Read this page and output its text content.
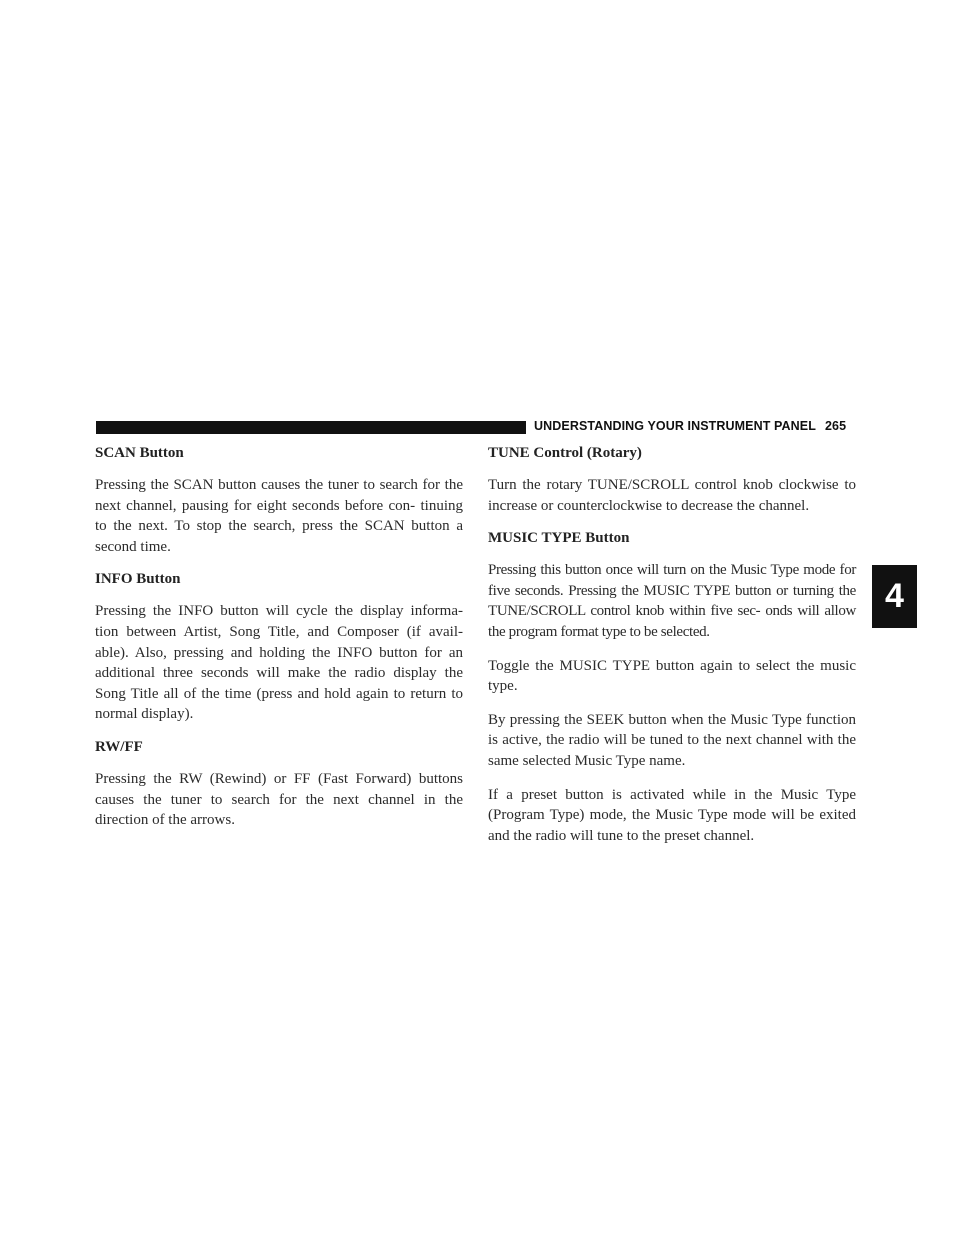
UNDERSTANDING YOUR INSTRUMENT PANEL 265
4
SCAN Button
Pressing the SCAN button causes the tuner to search for the next channel, pausing for eight seconds before con- tinuing to the next. To stop the search, press the SCAN button a second time.
INFO Button
Pressing the INFO button will cycle the display informa- tion between Artist, Song Title, and Composer (if avail- able). Also, pressing and holding the INFO button for an additional three seconds will make the radio display the Song Title all of the time (press and hold again to return to normal display).
RW/FF
Pressing the RW (Rewind) or FF (Fast Forward) buttons causes the tuner to search for the next channel in the direction of the arrows.
TUNE Control (Rotary)
Turn the rotary TUNE/SCROLL control knob clockwise to increase or counterclockwise to decrease the channel.
MUSIC TYPE Button
Pressing this button once will turn on the Music Type mode for five seconds. Pressing the MUSIC TYPE button or turning the TUNE/SCROLL control knob within five sec- onds will allow the program format type to be selected.
Toggle the MUSIC TYPE button again to select the music type.
By pressing the SEEK button when the Music Type function is active, the radio will be tuned to the next channel with the same selected Music Type name.
If a preset button is activated while in the Music Type (Program Type) mode, the Music Type mode will be exited and the radio will tune to the preset channel.
